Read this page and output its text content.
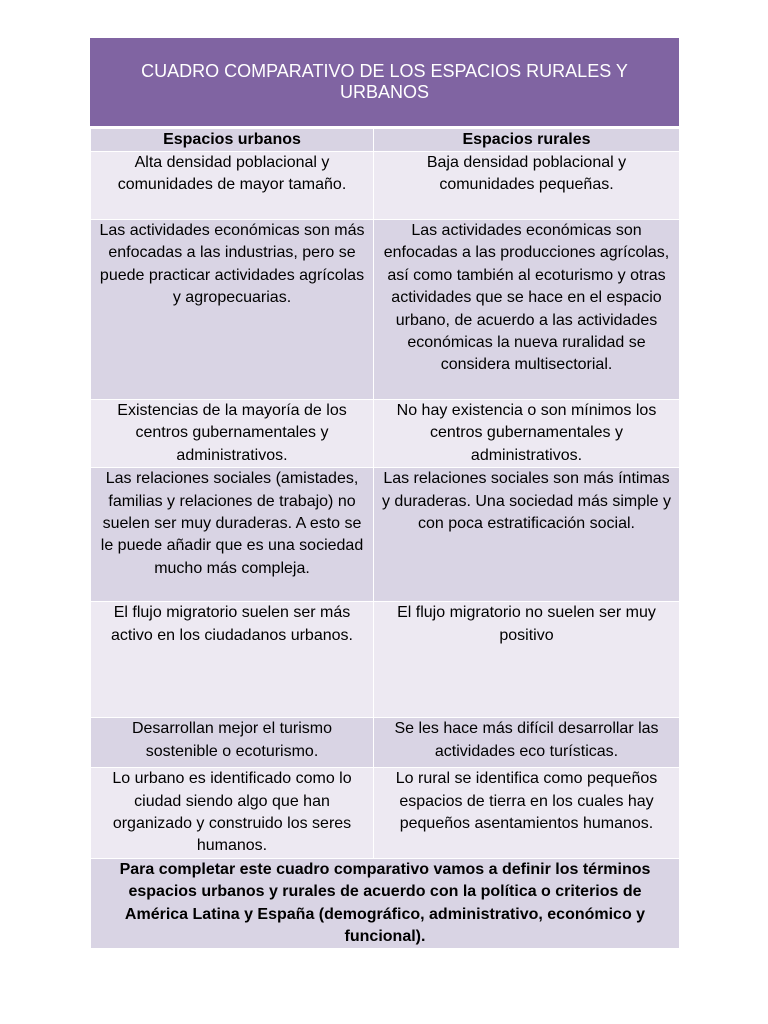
CUADRO COMPARATIVO DE LOS ESPACIOS RURALES Y URBANOS
Espacios urbanos	Espacios rurales
Alta densidad poblacional y comunidades de mayor tamaño.	Baja densidad poblacional y comunidades pequeñas.
Las actividades económicas son más enfocadas a las industrias, pero se puede practicar actividades agrícolas y agropecuarias.	Las actividades económicas son enfocadas a las producciones agrícolas, así como también al ecoturismo y otras actividades que se hace en el espacio urbano, de acuerdo a las actividades económicas la nueva ruralidad se considera multisectorial.
Existencias de la mayoría de los centros gubernamentales y administrativos.	No hay existencia o son mínimos los centros gubernamentales y administrativos.
Las relaciones sociales (amistades, familias y relaciones de trabajo) no suelen ser muy duraderas. A esto se le puede añadir que es una sociedad mucho más compleja.	Las relaciones sociales son más íntimas y duraderas. Una sociedad más simple y con poca estratificación social.
El flujo migratorio suelen ser más activo en los ciudadanos urbanos.	El flujo migratorio no suelen ser muy positivo
Desarrollan mejor el turismo sostenible o ecoturismo.	Se les hace más difícil desarrollar las actividades eco turísticas.
Lo urbano es identificado como lo ciudad siendo algo que han organizado y construido los seres humanos.	Lo rural se identifica como pequeños espacios de tierra en los cuales hay pequeños asentamientos humanos.
Para completar este cuadro comparativo vamos a definir los términos espacios urbanos y rurales de acuerdo con la política o criterios de América Latina y España (demográfico, administrativo, económico y funcional).	
